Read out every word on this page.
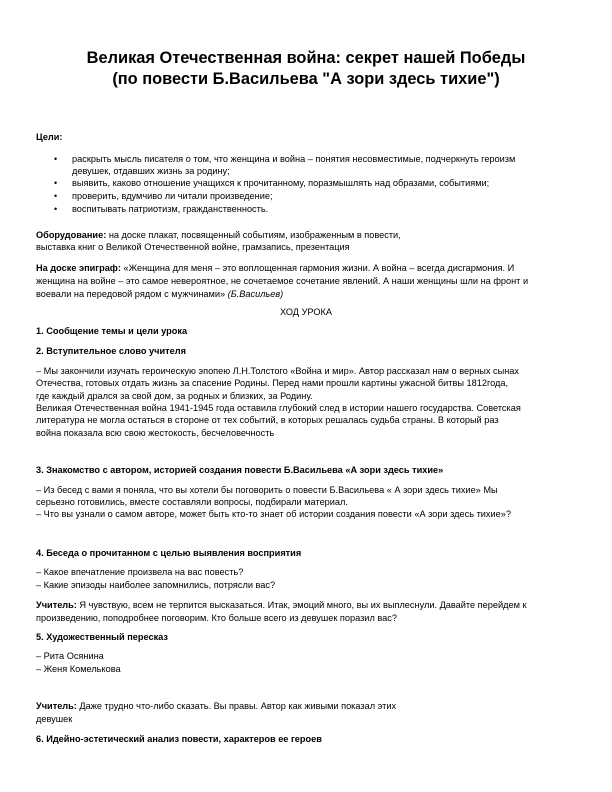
Великая Отечественная война: секрет нашей Победы
(по повести Б.Васильева "А зори здесь тихие")
Цели:
• раскрыть мысль писателя о том, что женщина и война – понятия несовместимые, подчеркнуть героизм
девушек, отдавших жизнь за родину;
• выявить, каково отношение учащихся к прочитанному, поразмышлять над образами, событиями;
• проверить, вдумчиво ли читали произведение;
• воспитывать патриотизм, гражданственность.
Оборудование: на доске плакат, посвященный событиям, изображенным в повести,
выставка книг о Великой Отечественной войне, грамзапись, презентация
На доске эпиграф: «Женщина для меня – это воплощенная гармония жизни. А война – всегда дисгармония. И
женщина на войне – это самое невероятное, не сочетаемое сочетание явлений. А наши женщины шли на фронт и
воевали на передовой рядом с мужчинами» (Б.Васильев)
ХОД УРОКА
1. Сообщение темы и цели урока
2. Вступительное слово учителя
– Мы закончили изучать героическую эпопею Л.Н.Толстого «Война и мир». Автор рассказал нам о верных сынах
Отечества, готовых отдать жизнь за спасение Родины. Перед нами прошли картины ужасной битвы 1812года,
где каждый дрался за свой дом, за родных и близких, за Родину.
Великая Отечественная война 1941-1945 года оставила глубокий след в истории нашего государства. Советская
литература не могла остаться в стороне от тех событий, в которых решалась судьба страны. В который раз
война показала всю свою жестокость, бесчеловечность
3. Знакомство с автором, историей создания повести Б.Васильева «А зори здесь тихие»
– Из бесед с вами я поняла, что вы хотели бы поговорить о повести Б.Васильева « А зори здесь тихие» Мы
серьезно готовились, вместе составляли вопросы, подбирали материал.
– Что вы узнали о самом авторе, может быть кто-то знает об истории создания повести «А зори здесь тихие»?
4. Беседа о прочитанном с целью выявления восприятия
– Какое впечатление произвела на вас повесть?
– Какие эпизоды наиболее запомнились, потрясли вас?
Учитель: Я чувствую, всем не терпится высказаться. Итак, эмоций много, вы их выплеснули. Давайте перейдем к
произведению, поподробнее поговорим. Кто больше всего из девушек поразил вас?
5. Художественный пересказ
– Рита Осянина
– Женя Комелькова
Учитель: Даже трудно что-либо сказать. Вы правы. Автор как живыми показал этих
девушек
6. Идейно-эстетический анализ повести, характеров ее героев
